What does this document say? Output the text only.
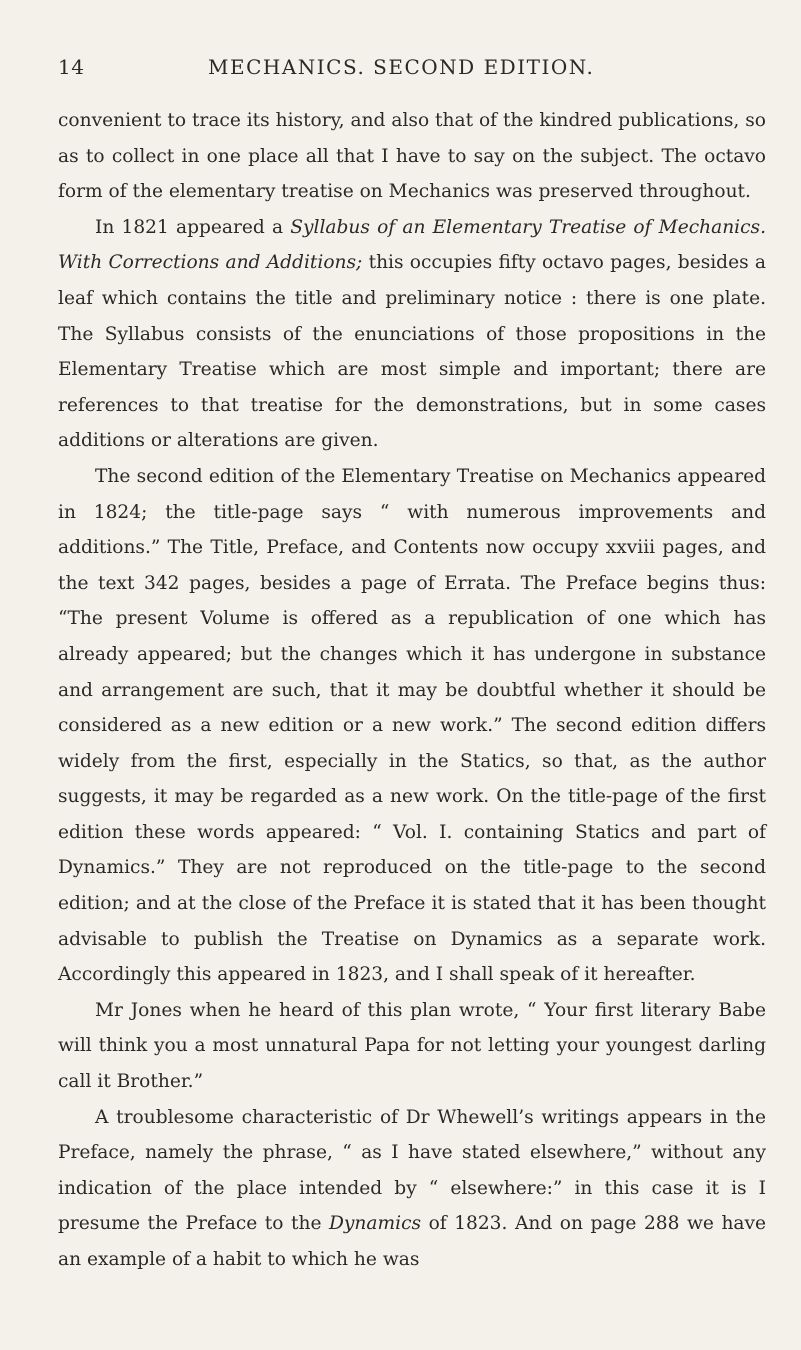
14	MECHANICS. SECOND EDITION.

convenient to trace its history, and also that of the kindred publications, so as to collect in one place all that I have to say on the subject. The octavo form of the elementary treatise on Mechanics was preserved throughout.

In 1821 appeared a Syllabus of an Elementary Treatise of Mechanics. With Corrections and Additions; this occupies fifty octavo pages, besides a leaf which contains the title and preliminary notice : there is one plate. The Syllabus consists of the enunciations of those propositions in the Elementary Treatise which are most simple and important; there are references to that treatise for the demonstrations, but in some cases additions or alterations are given.

The second edition of the Elementary Treatise on Mechanics appeared in 1824; the title-page says “ with numerous improvements and additions.” The Title, Preface, and Contents now occupy xxviii pages, and the text 342 pages, besides a page of Errata. The Preface begins thus: “The present Volume is offered as a republication of one which has already appeared; but the changes which it has undergone in substance and arrangement are such, that it may be doubtful whether it should be considered as a new edition or a new work.” The second edition differs widely from the first, especially in the Statics, so that, as the author suggests, it may be regarded as a new work. On the title-page of the first edition these words appeared: “ Vol. I. containing Statics and part of Dynamics.” They are not reproduced on the title-page to the second edition; and at the close of the Preface it is stated that it has been thought advisable to publish the Treatise on Dynamics as a separate work. Accordingly this appeared in 1823, and I shall speak of it hereafter.

Mr Jones when he heard of this plan wrote, “ Your first literary Babe will think you a most unnatural Papa for not letting your youngest darling call it Brother.”

A troublesome characteristic of Dr Whewell’s writings appears in the Preface, namely the phrase, “ as I have stated elsewhere,” without any indication of the place intended by “ elsewhere:” in this case it is I presume the Preface to the Dynamics of 1823. And on page 288 we have an example of a habit to which he was
